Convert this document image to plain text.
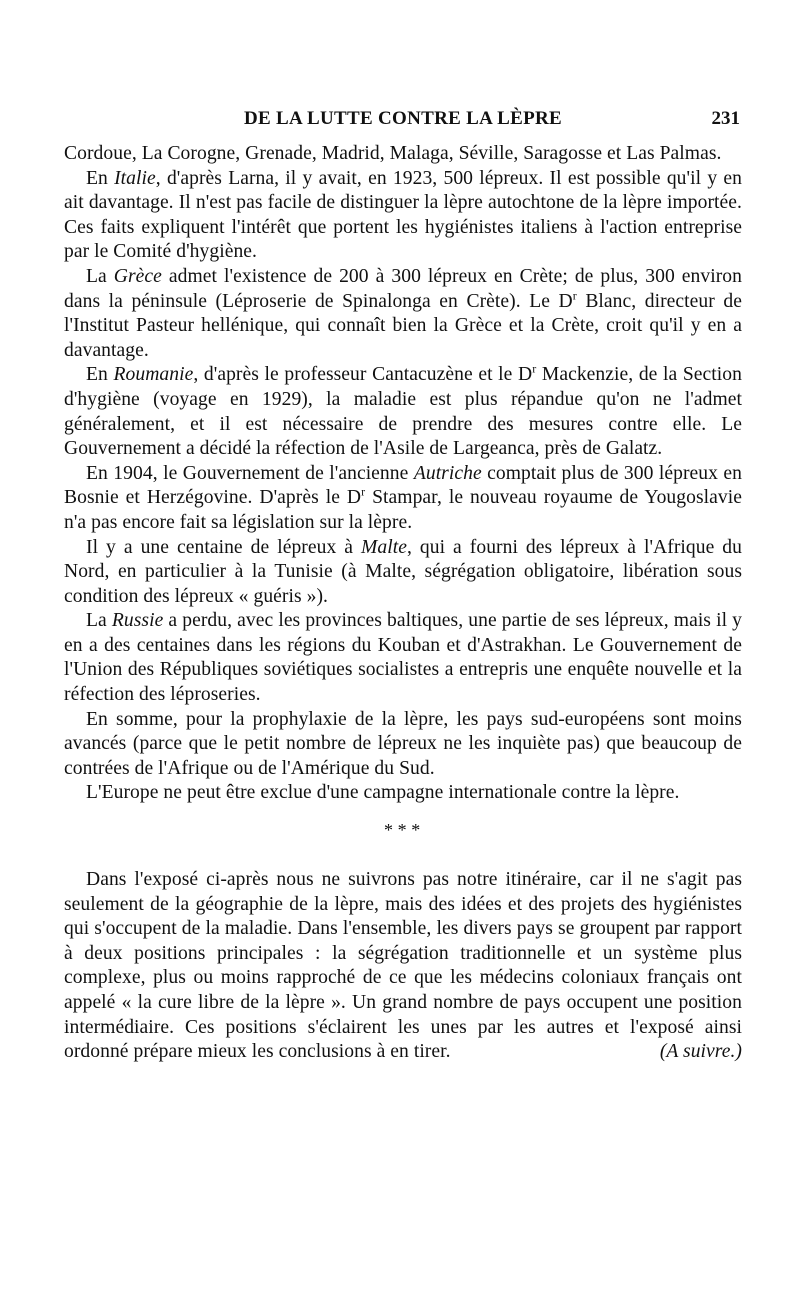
DE LA LUTTE CONTRE LA LÈPRE	231

Cordoue, La Corogne, Grenade, Madrid, Malaga, Séville, Saragosse et Las Palmas.

En Italie, d'après Larna, il y avait, en 1923, 500 lépreux. Il est possible qu'il y en ait davantage. Il n'est pas facile de distinguer la lèpre autochtone de la lèpre importée. Ces faits expliquent l'intérêt que portent les hygiénistes italiens à l'action entreprise par le Comité d'hygiène.

La Grèce admet l'existence de 200 à 300 lépreux en Crète; de plus, 300 environ dans la péninsule (Léproserie de Spinalonga en Crète). Le $D^r$ Blanc, directeur de l'Institut Pasteur hellénique, qui connaît bien la Grèce et la Crète, croit qu'il y en a davantage.

En Roumanie, d'après le professeur Cantacuzène et le $D^r$ Mackenzie, de la Section d'hygiène (voyage en 1929), la maladie est plus répandue qu'on ne l'admet généralement, et il est nécessaire de prendre des mesures contre elle. Le Gouvernement a décidé la réfection de l'Asile de Largeanca, près de Galatz.

En 1904, le Gouvernement de l'ancienne Autriche comptait plus de 300 lépreux en Bosnie et Herzégovine. D'après le $D^r$ Stampar, le nouveau royaume de Yougoslavie n'a pas encore fait sa législation sur la lèpre.

Il y a une centaine de lépreux à Malte, qui a fourni des lépreux à l'Afrique du Nord, en particulier à la Tunisie (à Malte, ségrégation obligatoire, libération sous condition des lépreux « guéris »).

La Russie a perdu, avec les provinces baltiques, une partie de ses lépreux, mais il y en a des centaines dans les régions du Kouban et d'Astrakhan. Le Gouvernement de l'Union des Républiques soviétiques socialistes a entrepris une enquête nouvelle et la réfection des léproseries.

En somme, pour la prophylaxie de la lèpre, les pays sud-européens sont moins avancés (parce que le petit nombre de lépreux ne les inquiète pas) que beaucoup de contrées de l'Afrique ou de l'Amérique du Sud.

L'Europe ne peut être exclue d'une campagne internationale contre la lèpre.

* * *

Dans l'exposé ci-après nous ne suivrons pas notre itinéraire, car il ne s'agit pas seulement de la géographie de la lèpre, mais des idées et des projets des hygiénistes qui s'occupent de la maladie. Dans l'ensemble, les divers pays se groupent par rapport à deux positions principales : la ségrégation traditionnelle et un système plus complexe, plus ou moins rapproché de ce que les médecins coloniaux français ont appelé « la cure libre de la lèpre ». Un grand nombre de pays occupent une position intermédiaire. Ces positions s'éclairent les unes par les autres et l'exposé ainsi ordonné prépare mieux les conclusions à en tirer.	(A suivre.)
